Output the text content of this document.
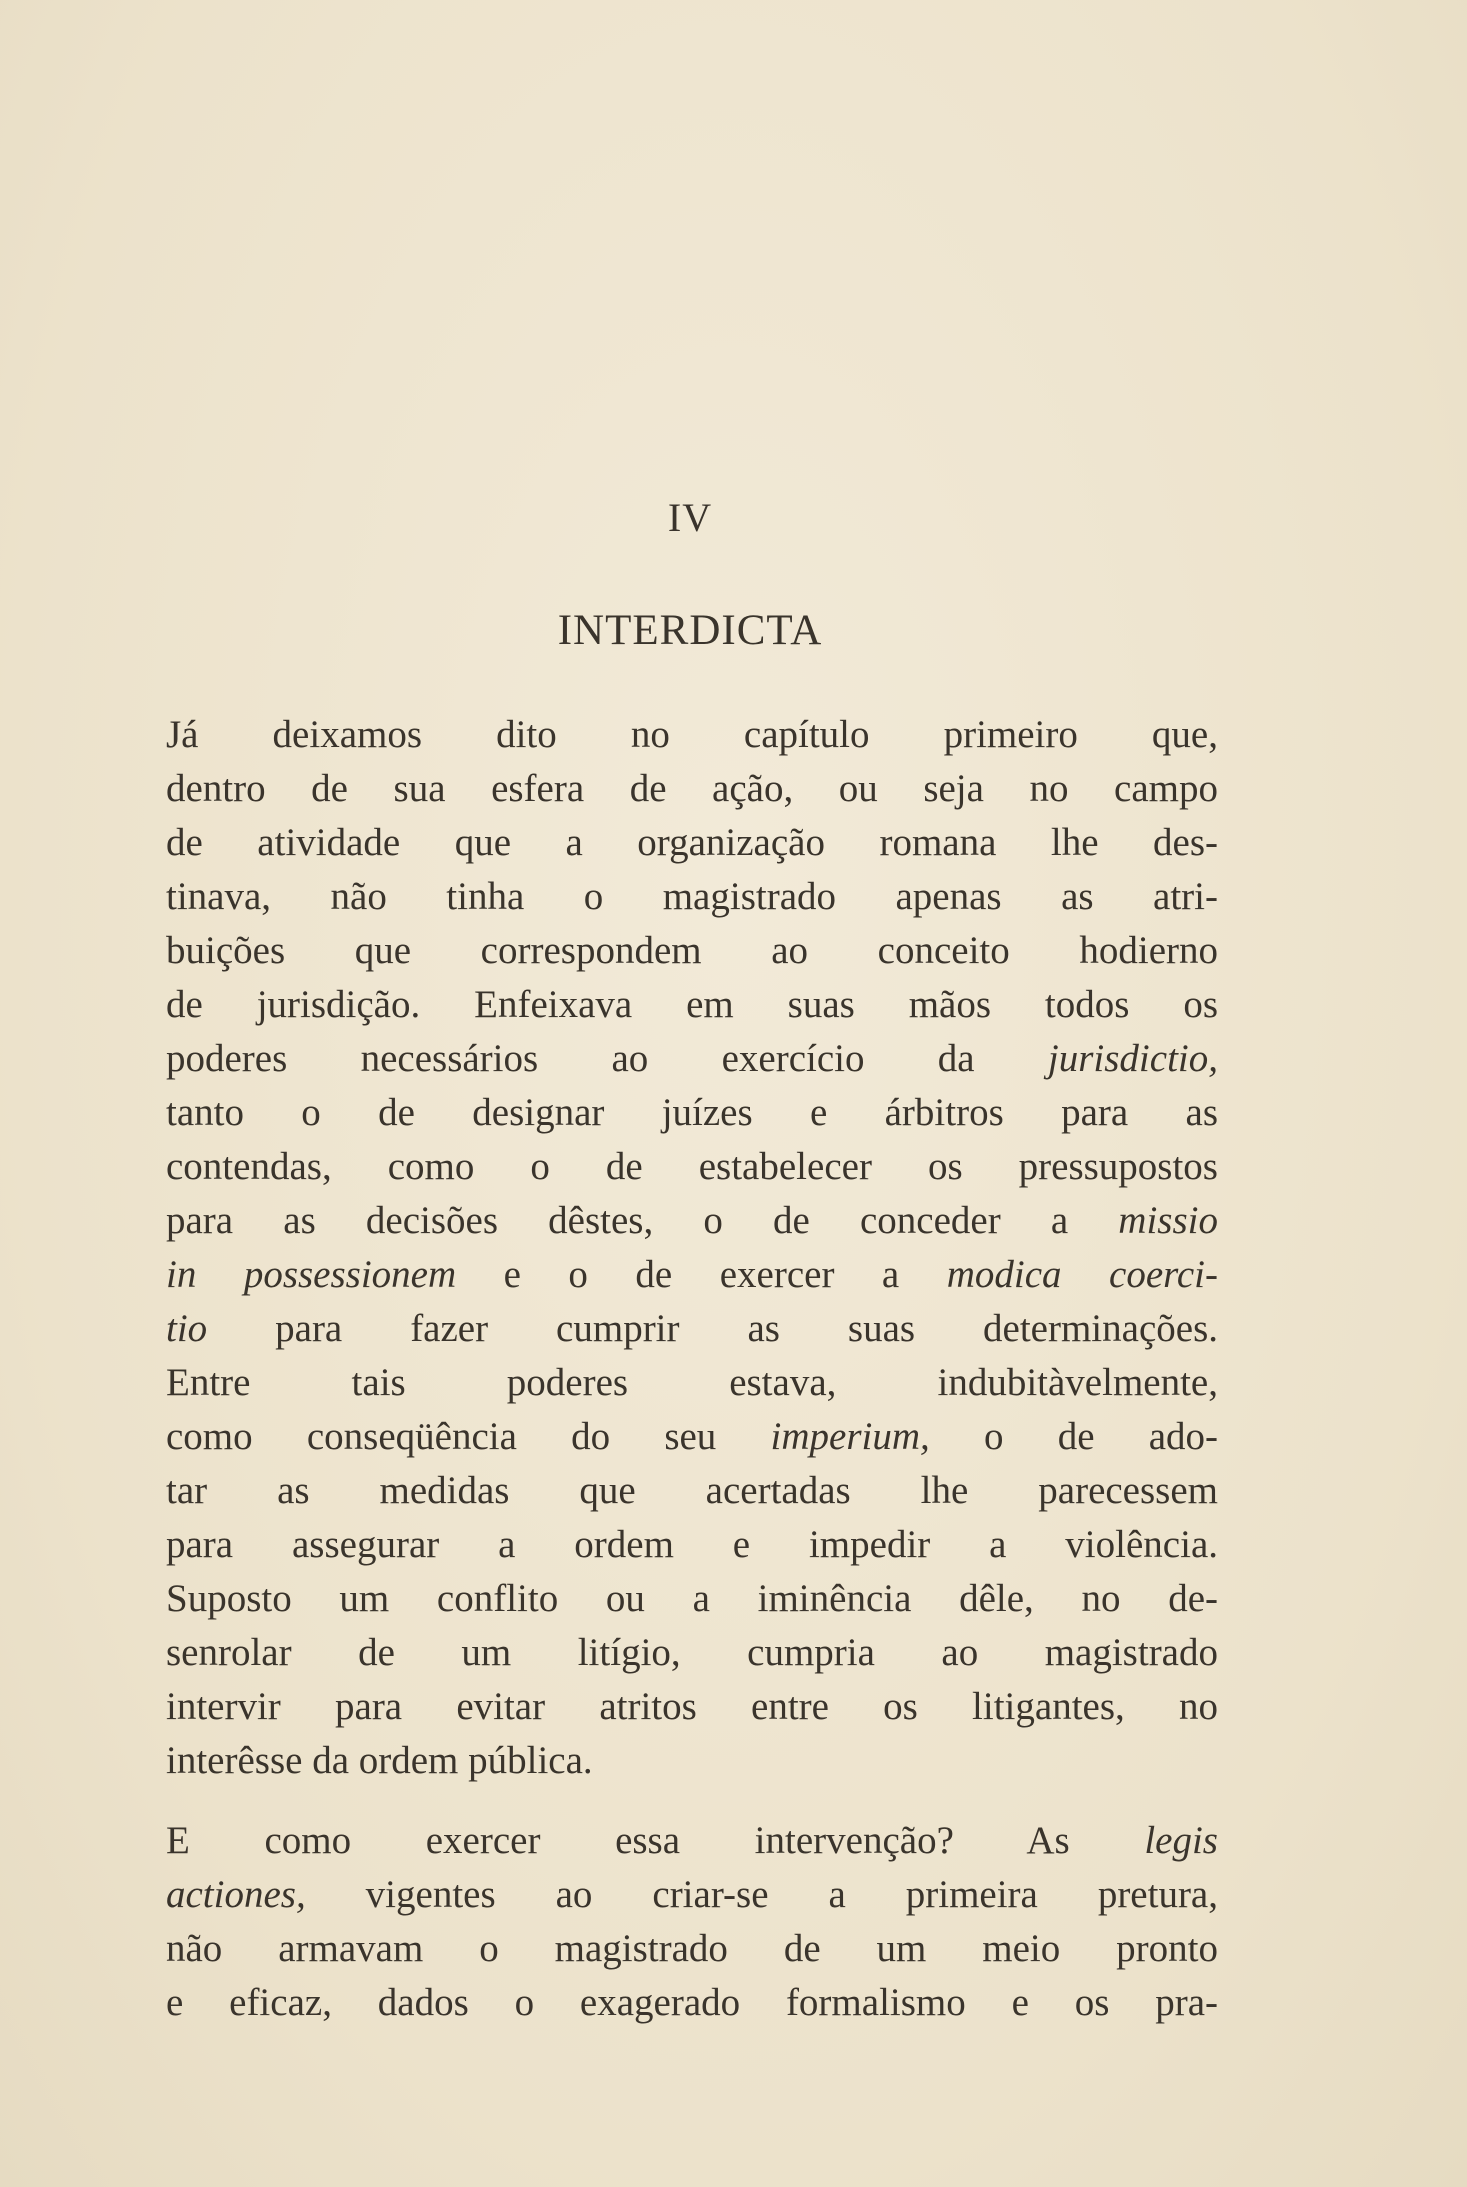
IV
INTERDICTA
Já deixamos dito no capítulo primeiro que,
dentro de sua esfera de ação, ou seja no campo
de atividade que a organização romana lhe des-
tinava, não tinha o magistrado apenas as atri-
buições que correspondem ao conceito hodierno
de jurisdição. Enfeixava em suas mãos todos os
poderes necessários ao exercício da jurisdictio,
tanto o de designar juízes e árbitros para as
contendas, como o de estabelecer os pressupostos
para as decisões dêstes, o de conceder a missio
in possessionem e o de exercer a modica coerci-
tio para fazer cumprir as suas determinações.
Entre tais poderes estava, indubitàvelmente,
como conseqüência do seu imperium, o de ado-
tar as medidas que acertadas lhe parecessem
para assegurar a ordem e impedir a violência.
Suposto um conflito ou a iminência dêle, no de-
senrolar de um litígio, cumpria ao magistrado
intervir para evitar atritos entre os litigantes, no
interêsse da ordem pública.
E como exercer essa intervenção? As legis
actiones, vigentes ao criar-se a primeira pretura,
não armavam o magistrado de um meio pronto
e eficaz, dados o exagerado formalismo e os pra-
